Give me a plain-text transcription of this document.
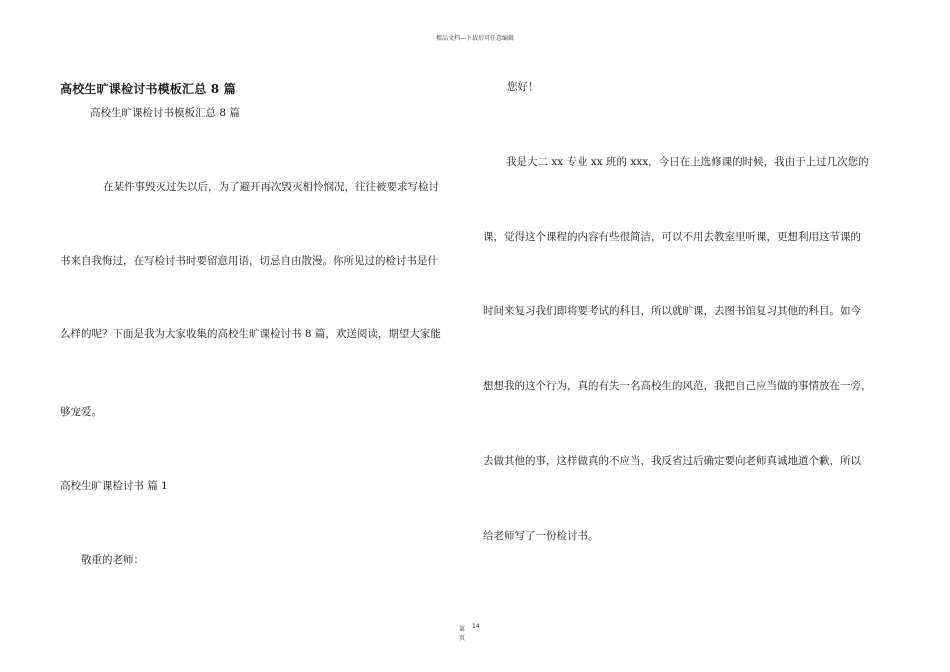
精品文档---下载后可任意编辑
高校生旷课检讨书模板汇总 8 篇
高校生旷课检讨书模板汇总 8 篇
在某件事毁灭过失以后，为了避开再次毁灭相怜悯况，往往被要求写检讨
书来自我悔过，在写检讨书时要留意用语，切忌自由散漫。你所见过的检讨书是什
么样的呢？下面是我为大家收集的高校生旷课检讨书 8 篇，欢送阅读，期望大家能
够宠爱。
高校生旷课检讨书 篇 1
敬重的老师：
您好！
我是大二 xx 专业 xx 班的 xxx，今日在上选修课的时候，我由于上过几次您的
课，觉得这个课程的内容有些很简洁，可以不用去教室里听课，更想利用这节课的
时间来复习我们即将要考试的科目，所以就旷课，去图书馆复习其他的科目。如今
想想我的这个行为，真的有失一名高校生的风范，我把自己应当做的事情放在一旁，
去做其他的事，这样做真的不应当，我反省过后确定要向老师真诚地道个歉，所以
给老师写了一份检讨书。
第 14
页
